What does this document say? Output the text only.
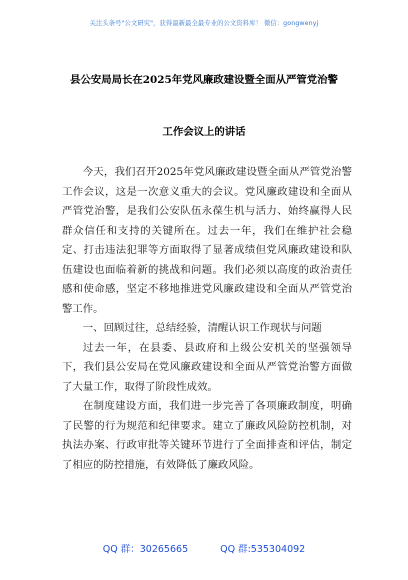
关注头条号"公文研究"，获得最新最全最专业的公文资料库！ 微信：gongwenyj
县公安局局长在2025年党风廉政建设暨全面从严管党治警
工作会议上的讲话

今天，我们召开2025年党风廉政建设暨全面从严管党治警工作会议，这是一次意义重大的会议。党风廉政建设和全面从严管党治警，是我们公安队伍永葆生机与活力、始终赢得人民群众信任和支持的关键所在。过去一年，我们在维护社会稳定、打击违法犯罪等方面取得了显著成绩但党风廉政建设和队伍建设也面临着新的挑战和问题。我们必须以高度的政治责任感和使命感，坚定不移地推进党风廉政建设和全面从严管党治警工作。

一、回顾过往，总结经验，清醒认识工作现状与问题

过去一年，在县委、县政府和上级公安机关的坚强领导下，我们县公安局在党风廉政建设和全面从严管党治警方面做了大量工作，取得了阶段性成效。

在制度建设方面，我们进一步完善了各项廉政制度，明确了民警的行为规范和纪律要求。建立了廉政风险防控机制，对执法办案、行政审批等关键环节进行了全面排查和评估，制定了相应的防控措施，有效降低了廉政风险。

QQ 群：30265665	QQ 群:535304092
